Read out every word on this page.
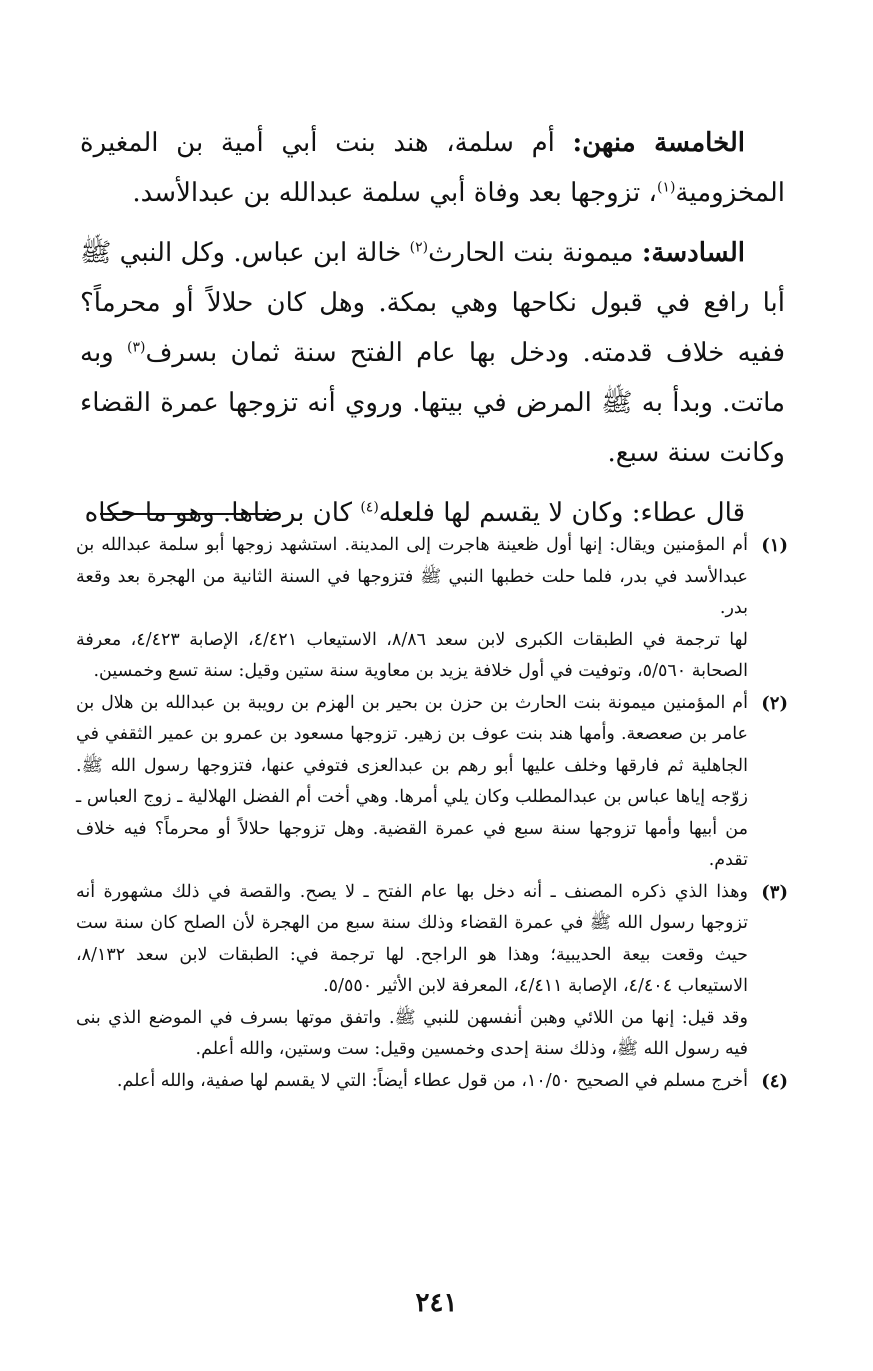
الخامسة منهن: أم سلمة، هند بنت أبي أمية بن المغيرة المخزومية$^{(١)}$، تزوجها بعد وفاة أبي سلمة عبدالله بن عبدالأسد.

السادسة: ميمونة بنت الحارث$^{(٢)}$ خالة ابن عباس. وكل النبي ﷺ أبا رافع في قبول نكاحها وهي بمكة. وهل كان حلالاً أو محرماً؟ ففيه خلاف قدمته. ودخل بها عام الفتح سنة ثمان بسرف$^{(٣)}$ وبه ماتت. وبدأ به ﷺ المرض في بيتها. وروي أنه تزوجها عمرة القضاء وكانت سنة سبع.

قال عطاء: وكان لا يقسم لها فلعله$^{(٤)}$ كان برضاها. وهو ما حكاه

(١)
أم المؤمنين ويقال: إنها أول ظعينة هاجرت إلى المدينة. استشهد زوجها أبو سلمة عبدالله بن عبدالأسد في بدر، فلما حلت خطبها النبي ﷺ فتزوجها في السنة الثانية من الهجرة بعد وقعة بدر.
لها ترجمة في الطبقات الكبرى لابن سعد ٨/٨٦، الاستيعاب ٤/٤٢١، الإصابة ٤/٤٢٣، معرفة الصحابة ٥/٥٦٠، وتوفيت في أول خلافة يزيد بن معاوية سنة ستين وقيل: سنة تسع وخمسين.
(٢)
أم المؤمنين ميمونة بنت الحارث بن حزن بن بحير بن الهزم بن رويبة بن عبدالله بن هلال بن عامر بن صعصعة. وأمها هند بنت عوف بن زهير. تزوجها مسعود بن عمرو بن عمير الثقفي في الجاهلية ثم فارقها وخلف عليها أبو رهم بن عبدالعزى فتوفي عنها، فتزوجها رسول الله ﷺ. زوّجه إياها عباس بن عبدالمطلب وكان يلي أمرها. وهي أخت أم الفضل الهلالية ـ زوج العباس ـ من أبيها وأمها تزوجها سنة سبع في عمرة القضية. وهل تزوجها حلالاً أو محرماً؟ فيه خلاف تقدم.
(٣)
وهذا الذي ذكره المصنف ـ أنه دخل بها عام الفتح ـ لا يصح. والقصة في ذلك مشهورة أنه تزوجها رسول الله ﷺ في عمرة القضاء وذلك سنة سبع من الهجرة لأن الصلح كان سنة ست حيث وقعت بيعة الحديبية؛ وهذا هو الراجح. لها ترجمة في: الطبقات لابن سعد ٨/١٣٢، الاستيعاب ٤/٤٠٤، الإصابة ٤/٤١١، المعرفة لابن الأثير ٥/٥٥٠.
وقد قيل: إنها من اللائي وهبن أنفسهن للنبي ﷺ. واتفق موتها بسرف في الموضع الذي بنى فيه رسول الله ﷺ، وذلك سنة إحدى وخمسين وقيل: ست وستين، والله أعلم.
(٤)
أخرج مسلم في الصحيح ١٠/٥٠، من قول عطاء أيضاً: التي لا يقسم لها صفية، والله أعلم.
٢٤١
